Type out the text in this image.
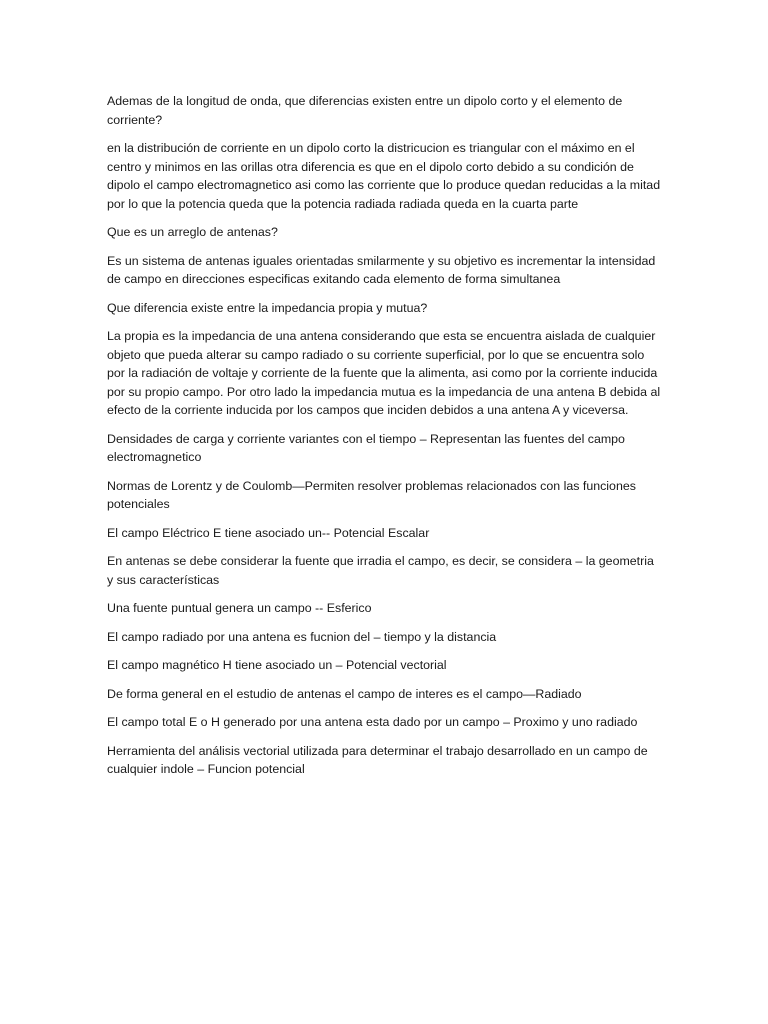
Ademas de la longitud de onda, que diferencias existen entre un dipolo corto y el elemento de corriente?

en la distribución de corriente en un dipolo corto la districucion es triangular con el máximo en el centro y minimos en las orillas otra diferencia es que en el dipolo corto debido a su condición de dipolo el campo electromagnetico asi como las corriente que lo produce quedan reducidas a la mitad por lo que la potencia queda que la potencia radiada radiada queda en la cuarta parte

Que es un arreglo de antenas?

Es un sistema de antenas iguales orientadas smilarmente y su objetivo es incrementar la intensidad de campo en direcciones especificas exitando cada elemento de forma simultanea

Que diferencia existe entre la impedancia propia y mutua?

La propia es la impedancia de una antena considerando que esta se encuentra aislada de cualquier objeto que pueda alterar su campo radiado o su corriente superficial, por lo que se encuentra solo por la radiación de voltaje y corriente de la fuente que la alimenta, asi como por la corriente inducida por su propio campo. Por otro lado la impedancia mutua es la impedancia de una antena B debida al efecto de la corriente inducida por los campos que inciden debidos a una antena A y viceversa.

Densidades de carga y corriente variantes con el tiempo – Representan las fuentes del campo electromagnetico

Normas de Lorentz y de Coulomb—Permiten resolver problemas relacionados con las funciones potenciales

El campo Eléctrico E tiene asociado un-- Potencial Escalar

En antenas se debe considerar la fuente que irradia el campo, es decir, se considera – la geometria y sus características

Una fuente puntual genera un campo -- Esferico

El campo radiado por una antena es fucnion del – tiempo y la distancia

El campo magnético H tiene asociado un – Potencial vectorial

De forma general en el estudio de antenas el campo de interes es el campo—Radiado

El campo total E o H generado por una antena esta dado por un campo – Proximo y uno radiado

Herramienta del análisis vectorial utilizada para determinar el trabajo desarrollado en un campo de cualquier indole – Funcion potencial
